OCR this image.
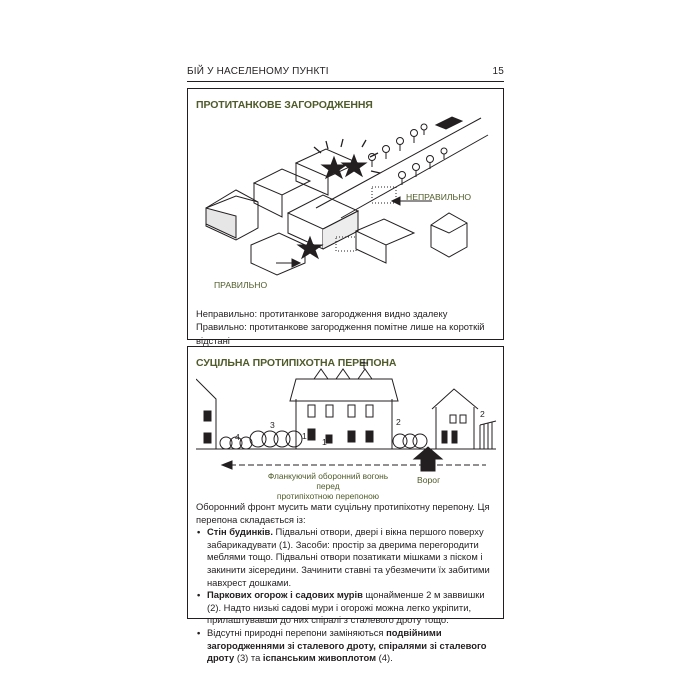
БІЙ У НАСЕЛЕНОМУ ПУНКТІ	15
ПРОТИТАНКОВЕ ЗАГОРОДЖЕННЯ
НЕПРАВИЛЬНО
ПРАВИЛЬНО
Неправильно: протитанкове загородження видно здалеку
Правильно: протитанкове загородження помітне лише на короткій відстані
СУЦІЛЬНА ПРОТИПІХОТНА ПЕРЕПОНА
4
3
1
1
2
2
Фланкуючий оборонний вогонь перед
протипіхотною перепоною
Ворог

Оборонний фронт мусить мати суцільну протипіхотну перепону. Ця перепона складається із:

• Стін будинків. Підвальні отвори, двері і вікна першого поверху забарикадувати (1). Засоби: простір за дверима перегородити меблями тощо. Підвальні отвори позатикати мішками з піском і закинити зісередини. Зачинити ставні та убезмечити їх забитими навхрест дошками.
• Паркових огорож і садових мурів щонайменше 2 м заввишки (2). Надто низькі садові мури і огорожі можна легко укріпити, прилаштувавши до них спіралі з сталевого дроту тощо.
• Відсутні природні перепони заміняються подвійними загородженнями зі сталевого дроту, спіралями зі сталевого дроту (3) та іспанським живоплотом (4).
